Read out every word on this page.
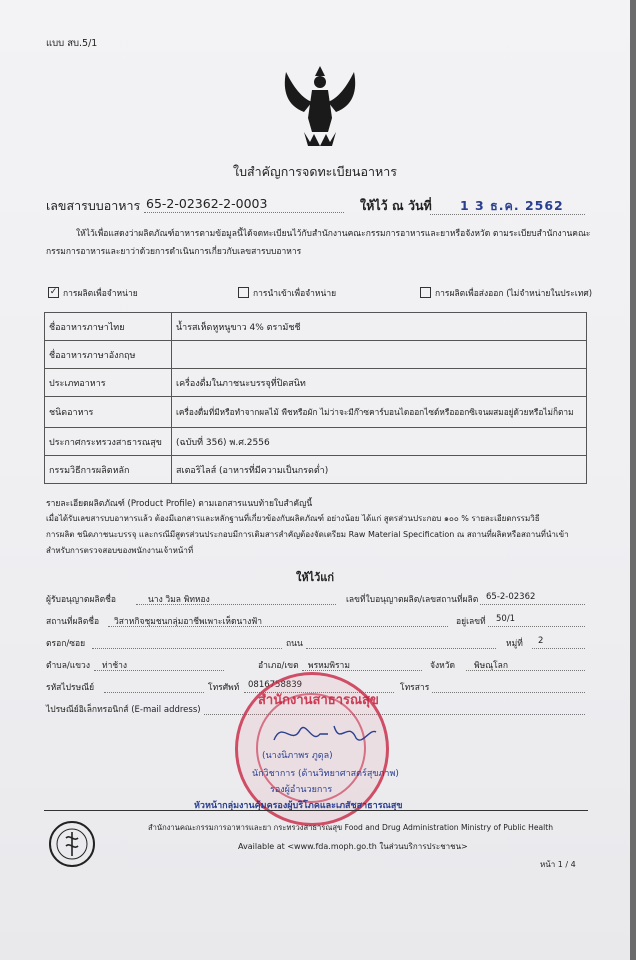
แบบ สบ.5/1
ใบสำคัญการจดทะเบียนอาหาร
เลขสารบบอาหาร 65-2-02362-2-0003	ให้ไว้ ณ วันที่ 1 3 ธ.ค. 2562
ให้ไว้เพื่อแสดงว่าผลิตภัณฑ์อาหารตามข้อมูลนี้ได้จดทะเบียนไว้กับสำนักงานคณะกรรมการอาหารและยาหรือจังหวัด ตามระเบียบสำนักงานคณะ
กรรมการอาหารและยาว่าด้วยการดำเนินการเกี่ยวกับเลขสารบบอาหาร
✓ การผลิตเพื่อจำหน่าย	การนำเข้าเพื่อจำหน่าย	การผลิตเพื่อส่งออก (ไม่จำหน่ายในประเทศ)
ชื่ออาหารภาษาไทย	น้ำรสเห็ดหูหนูขาว 4% ตรามัชชี
ชื่ออาหารภาษาอังกฤษ	
ประเภทอาหาร	เครื่องดื่มในภาชนะบรรจุที่ปิดสนิท
ชนิดอาหาร	เครื่องดื่มที่มีหรือทำจากผลไม้ พืชหรือผัก ไม่ว่าจะมีก๊าซคาร์บอนไดออกไซด์หรือออกซิเจนผสมอยู่ด้วยหรือไม่ก็ตาม
ประกาศกระทรวงสาธารณสุข	(ฉบับที่ 356) พ.ศ.2556
กรรมวิธีการผลิตหลัก	สเตอริไลส์ (อาหารที่มีความเป็นกรดต่ำ)
รายละเอียดผลิตภัณฑ์ (Product Profile) ตามเอกสารแนบท้ายใบสำคัญนี้
เมื่อได้รับเลขสารบบอาหารแล้ว ต้องมีเอกสารและหลักฐานที่เกี่ยวข้องกับผลิตภัณฑ์ อย่างน้อย ได้แก่ สูตรส่วนประกอบ ๑๐๐ % รายละเอียดกรรมวิธี
การผลิต ชนิดภาชนะบรรจุ และกรณีมีสูตรส่วนประกอบมีการเติมสารสำคัญต้องจัดเตรียม Raw Material Specification ณ สถานที่ผลิตหรือสถานที่นำเข้า
สำหรับการตรวจสอบของพนักงานเจ้าหน้าที่
ให้ไว้แก่
ผู้รับอนุญาตผลิตชื่อ	นาง วิมล พิทหอง	เลขที่ใบอนุญาตผลิต/เลขสถานที่ผลิต 65-2-02362
สถานที่ผลิตชื่อ วิสาหกิจชุมชนกลุ่มอาชีพเพาะเห็ดนางฟ้า	อยู่เลขที่ 50/1
ตรอก/ซอย	ถนน	หมู่ที่ 2
ตำบล/แขวง ท่าช้าง	อำเภอ/เขต พรหมพิราม	จังหวัด พิษณุโลก
รหัสไปรษณีย์	โทรศัพท์ 0816758839	โทรสาร
ไปรษณีย์อิเล็กทรอนิกส์ (E-mail address)
สำนักงานสาธารณสุข
(นางนิภาพร ภูดุล)
นักวิชาการ (ด้านวิทยาศาสตร์สุขภาพ)
รองผู้อำนวยการ
หัวหน้ากลุ่มงานคุ้มครองผู้บริโภคและเภสัชสาธารณสุข
สำนักงานคณะกรรมการอาหารและยา กระทรวงสาธารณสุข Food and Drug Administration Ministry of Public Health
Available at <www.fda.moph.go.th ในส่วนบริการประชาชน>
หน้า 1 / 4
